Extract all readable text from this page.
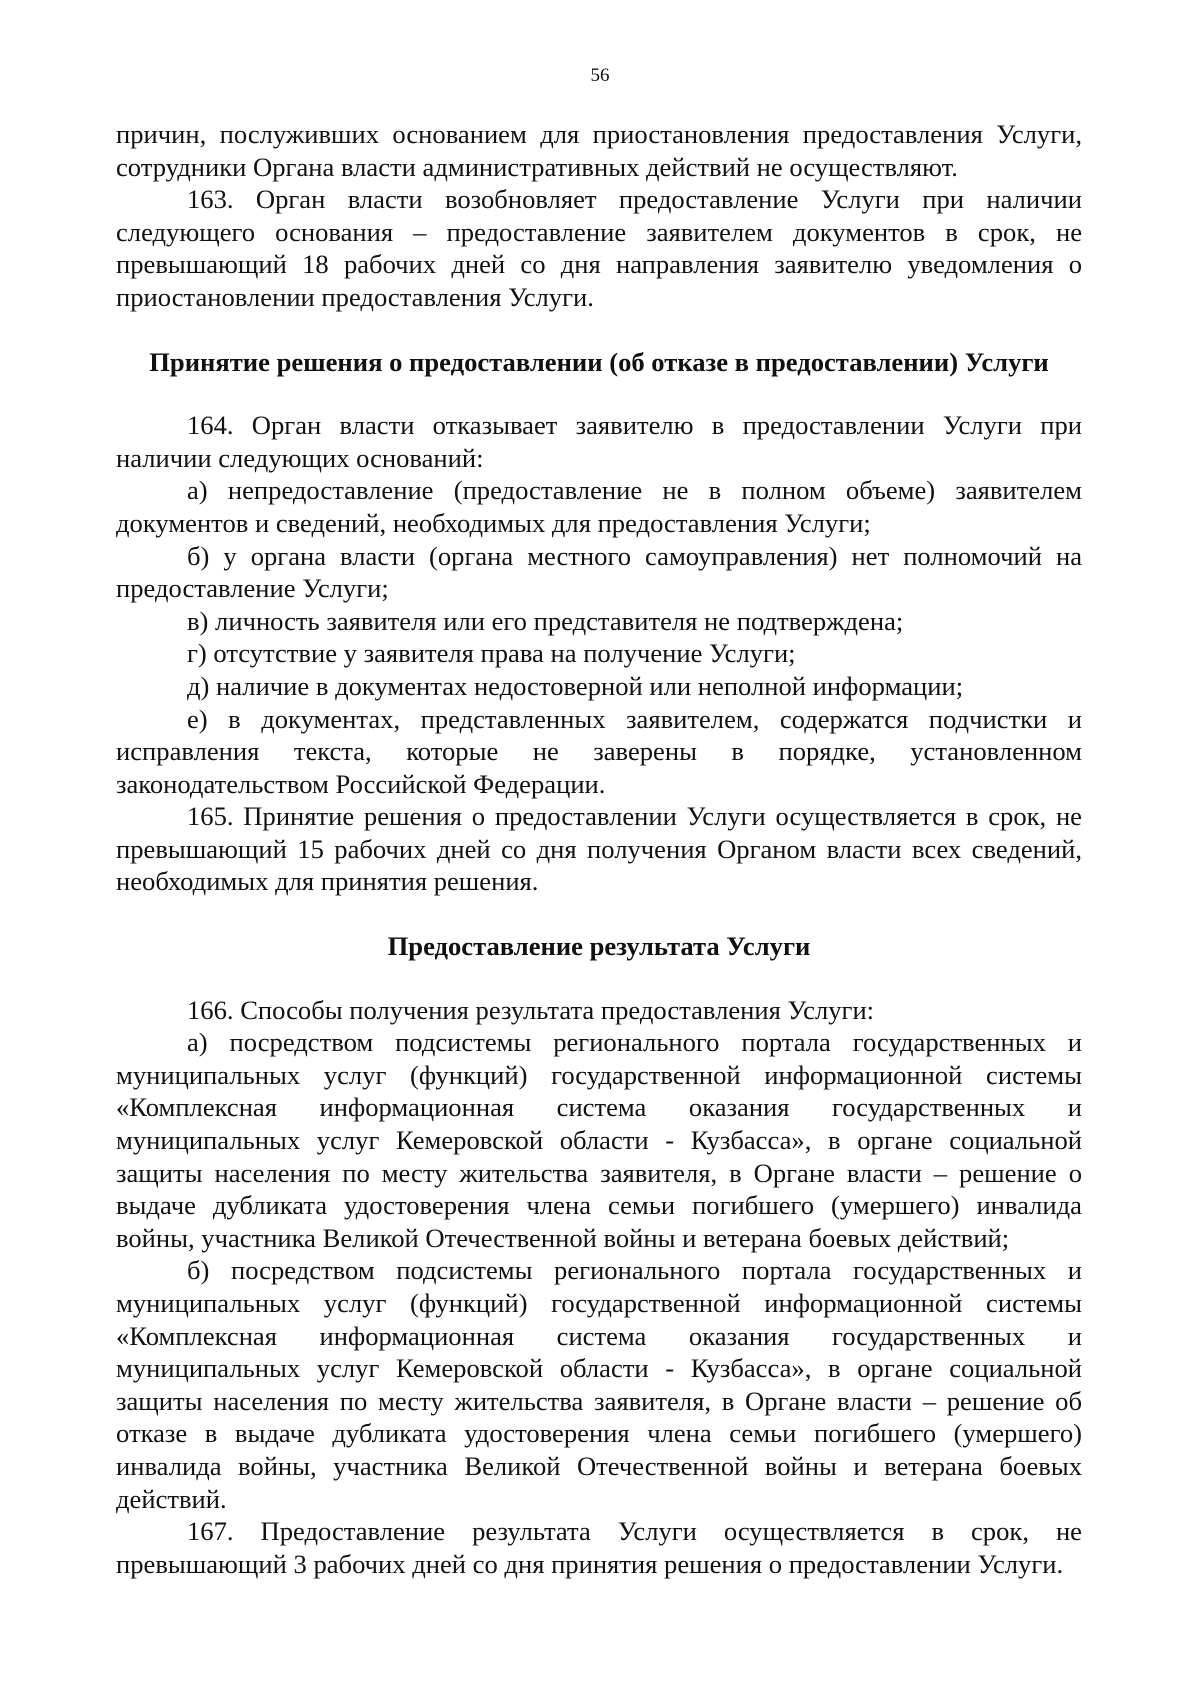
56

причин, послуживших основанием для приостановления предоставления Услуги, сотрудники Органа власти административных действий не осуществляют.

163. Орган власти возобновляет предоставление Услуги при наличии следующего основания – предоставление заявителем документов в срок, не превышающий 18 рабочих дней со дня направления заявителю уведомления о приостановлении предоставления Услуги.

Принятие решения о предоставлении (об отказе в предоставлении) Услуги

164. Орган власти отказывает заявителю в предоставлении Услуги при наличии следующих оснований:

а) непредоставление (предоставление не в полном объеме) заявителем документов и сведений, необходимых для предоставления Услуги;

б) у органа власти (органа местного самоуправления) нет полномочий на предоставление Услуги;

в) личность заявителя или его представителя не подтверждена;

г) отсутствие у заявителя права на получение Услуги;

д) наличие в документах недостоверной или неполной информации;

е) в документах, представленных заявителем, содержатся подчистки и исправления текста, которые не заверены в порядке, установленном законодательством Российской Федерации.

165. Принятие решения о предоставлении Услуги осуществляется в срок, не превышающий 15 рабочих дней со дня получения Органом власти всех сведений, необходимых для принятия решения.

Предоставление результата Услуги

166. Способы получения результата предоставления Услуги:

а) посредством подсистемы регионального портала государственных и муниципальных услуг (функций) государственной информационной системы «Комплексная информационная система оказания государственных и муниципальных услуг Кемеровской области - Кузбасса», в органе социальной защиты населения по месту жительства заявителя, в Органе власти – решение о выдаче дубликата удостоверения члена семьи погибшего (умершего) инвалида войны, участника Великой Отечественной войны и ветерана боевых действий;

б) посредством подсистемы регионального портала государственных и муниципальных услуг (функций) государственной информационной системы «Комплексная информационная система оказания государственных и муниципальных услуг Кемеровской области - Кузбасса», в органе социальной защиты населения по месту жительства заявителя, в Органе власти – решение об отказе в выдаче дубликата удостоверения члена семьи погибшего (умершего) инвалида войны, участника Великой Отечественной войны и ветерана боевых действий.

167. Предоставление результата Услуги осуществляется в срок, не превышающий 3 рабочих дней со дня принятия решения о предоставлении Услуги.
